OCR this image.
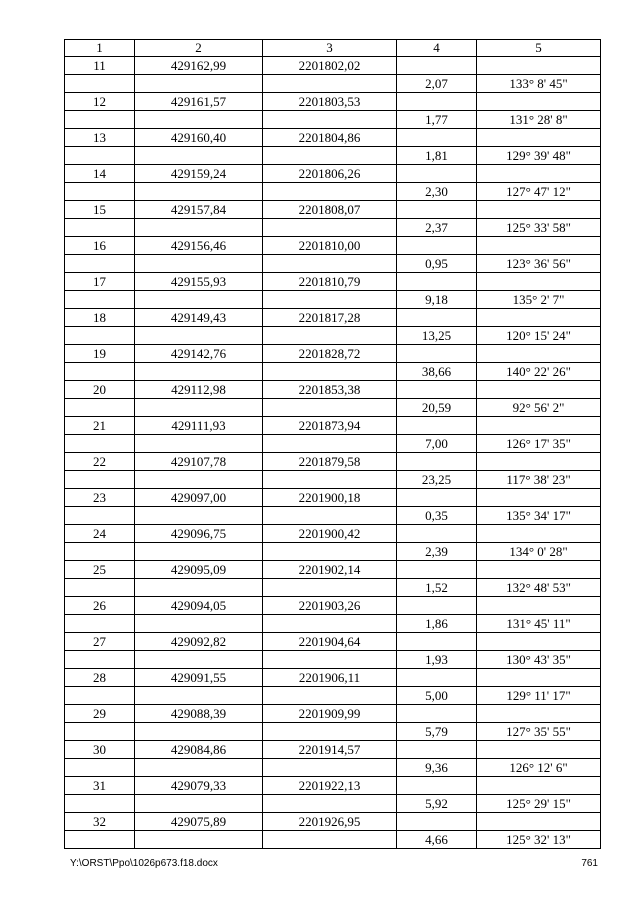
1	2	3	4	5
11	429162,99	2201802,02		
			2,07	133° 8' 45"
12	429161,57	2201803,53		
			1,77	131° 28' 8"
13	429160,40	2201804,86		
			1,81	129° 39' 48"
14	429159,24	2201806,26		
			2,30	127° 47' 12"
15	429157,84	2201808,07		
			2,37	125° 33' 58"
16	429156,46	2201810,00		
			0,95	123° 36' 56"
17	429155,93	2201810,79		
			9,18	135° 2' 7"
18	429149,43	2201817,28		
			13,25	120° 15' 24"
19	429142,76	2201828,72		
			38,66	140° 22' 26"
20	429112,98	2201853,38		
			20,59	92° 56' 2"
21	429111,93	2201873,94		
			7,00	126° 17' 35"
22	429107,78	2201879,58		
			23,25	117° 38' 23"
23	429097,00	2201900,18		
			0,35	135° 34' 17"
24	429096,75	2201900,42		
			2,39	134° 0' 28"
25	429095,09	2201902,14		
			1,52	132° 48' 53"
26	429094,05	2201903,26		
			1,86	131° 45' 11"
27	429092,82	2201904,64		
			1,93	130° 43' 35"
28	429091,55	2201906,11		
			5,00	129° 11' 17"
29	429088,39	2201909,99		
			5,79	127° 35' 55"
30	429084,86	2201914,57		
			9,36	126° 12' 6"
31	429079,33	2201922,13		
			5,92	125° 29' 15"
32	429075,89	2201926,95		
			4,66	125° 32' 13"
Y:\ORST\Ppo\1026p673.f18.docx	761
